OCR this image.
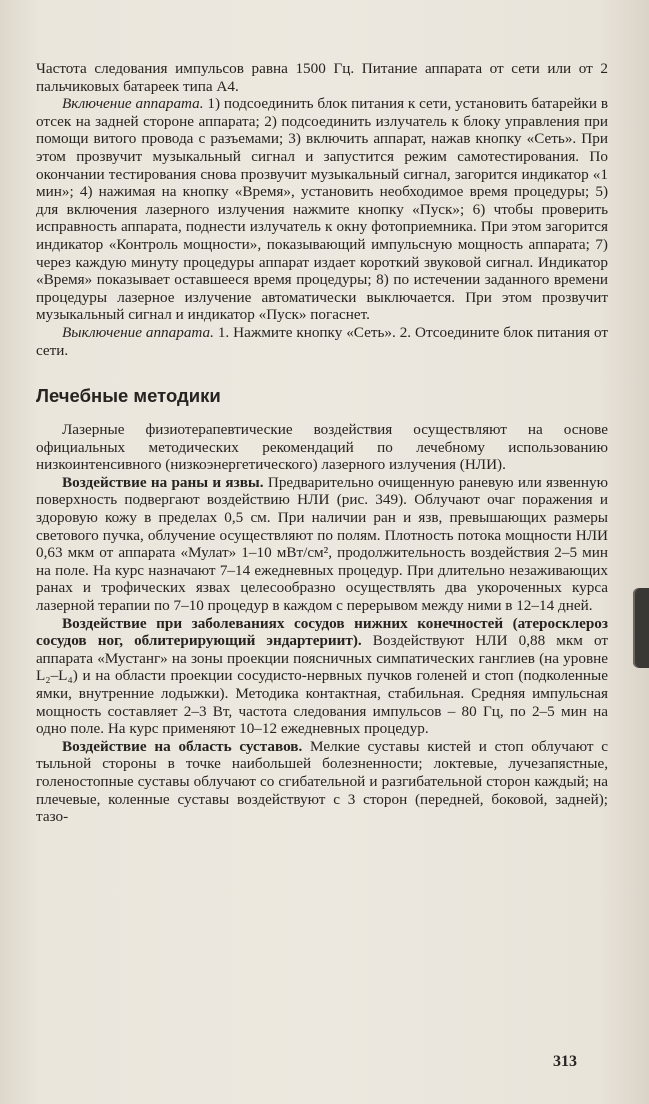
Частота следования импульсов равна 1500 Гц. Питание аппарата от сети или от 2 пальчиковых батареек типа А4.

Включение аппарата. 1) подсоединить блок питания к сети, установить батарейки в отсек на задней стороне аппарата; 2) подсоединить излучатель к блоку управления при помощи витого провода с разъемами; 3) включить аппарат, нажав кнопку «Сеть». При этом прозвучит музыкальный сигнал и запустится режим самотестирования. По окончании тестирования снова прозвучит музыкальный сигнал, загорится индикатор «1 мин»; 4) нажимая на кнопку «Время», установить необходимое время процедуры; 5) для включения лазерного излучения нажмите кнопку «Пуск»; 6) чтобы проверить исправность аппарата, поднести излучатель к окну фотоприемника. При этом загорится индикатор «Контроль мощности», показывающий импульсную мощность аппарата; 7) через каждую минуту процедуры аппарат издает короткий звуковой сигнал. Индикатор «Время» показывает оставшееся время процедуры; 8) по истечении заданного времени процедуры лазерное излучение автоматически выключается. При этом прозвучит музыкальный сигнал и индикатор «Пуск» погаснет.

Выключение аппарата. 1. Нажмите кнопку «Сеть». 2. Отсоедините блок питания от сети.

Лечебные методики

Лазерные физиотерапевтические воздействия осуществляют на основе официальных методических рекомендаций по лечебному использованию низкоинтенсивного (низкоэнергетического) лазерного излучения (НЛИ).

Воздействие на раны и язвы. Предварительно очищенную раневую или язвенную поверхность подвергают воздействию НЛИ (рис. 349). Облучают очаг поражения и здоровую кожу в пределах 0,5 см. При наличии ран и язв, превышающих размеры светового пучка, облучение осуществляют по полям. Плотность потока мощности НЛИ 0,63 мкм от аппарата «Мулат» 1–10 мВт/см², продолжительность воздействия 2–5 мин на поле. На курс назначают 7–14 ежедневных процедур. При длительно незаживающих ранах и трофических язвах целесообразно осуществлять два укороченных курса лазерной терапии по 7–10 процедур в каждом с перерывом между ними в 12–14 дней.

Воздействие при заболеваниях сосудов нижних конечностей (атеросклероз сосудов ног, облитерирующий эндартериит). Воздействуют НЛИ 0,88 мкм от аппарата «Мустанг» на зоны проекции поясничных симпатических ганглиев (на уровне L₂–L₄) и на области проекции сосудисто-нервных пучков голеней и стоп (подколенные ямки, внутренние лодыжки). Методика контактная, стабильная. Средняя импульсная мощность составляет 2–3 Вт, частота следования импульсов – 80 Гц, по 2–5 мин на одно поле. На курс применяют 10–12 ежедневных процедур.

Воздействие на область суставов. Мелкие суставы кистей и стоп облучают с тыльной стороны в точке наибольшей болезненности; локтевые, лучезапястные, голеностопные суставы облучают со сгибательной и разгибательной сторон каждый; на плечевые, коленные суставы воздействуют с 3 сторон (передней, боковой, задней); тазо-

313
